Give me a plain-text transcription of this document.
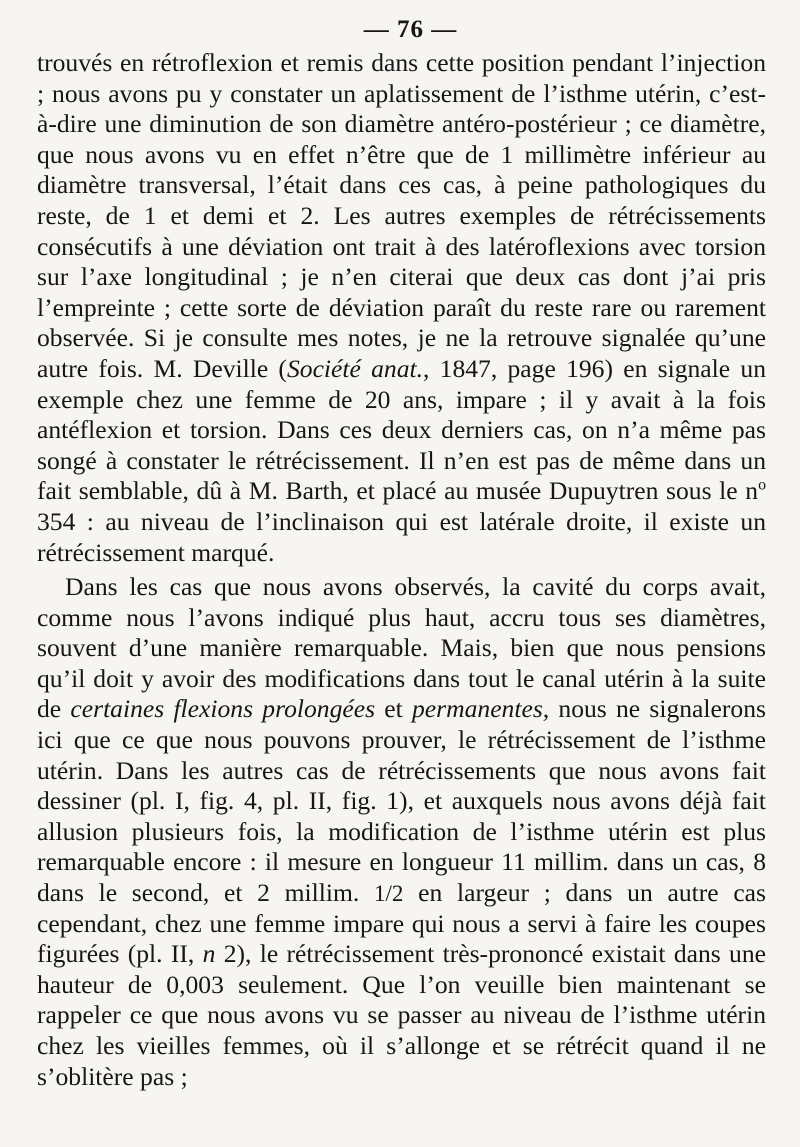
— 76 —

trouvés en rétroflexion et remis dans cette position pendant l’injection ; nous avons pu y constater un aplatissement de l’isthme utérin, c’est-à-dire une diminution de son diamètre antéro-postérieur ; ce diamètre, que nous avons vu en effet n’être que de 1 millimètre inférieur au diamètre transversal, l’était dans ces cas, à peine pathologiques du reste, de 1 et demi et 2. Les autres exemples de rétrécissements consécutifs à une déviation ont trait à des latéroflexions avec torsion sur l’axe longitudinal ; je n’en citerai que deux cas dont j’ai pris l’empreinte ; cette sorte de déviation paraît du reste rare ou rarement observée. Si je consulte mes notes, je ne la retrouve signalée qu’une autre fois. M. Deville (Société anat., 1847, page 196) en signale un exemple chez une femme de 20 ans, impare ; il y avait à la fois antéflexion et torsion. Dans ces deux derniers cas, on n’a même pas songé à constater le rétrécissement. Il n’en est pas de même dans un fait semblable, dû à M. Barth, et placé au musée Dupuytren sous le $n^o$ 354 : au niveau de l’inclinaison qui est latérale droite, il existe un rétrécissement marqué.

Dans les cas que nous avons observés, la cavité du corps avait, comme nous l’avons indiqué plus haut, accru tous ses diamètres, souvent d’une manière remarquable. Mais, bien que nous pensions qu’il doit y avoir des modifications dans tout le canal utérin à la suite de certaines flexions prolongées et permanentes, nous ne signalerons ici que ce que nous pouvons prouver, le rétrécissement de l’isthme utérin. Dans les autres cas de rétrécissements que nous avons fait dessiner (pl. I, fig. 4, pl. II, fig. 1), et auxquels nous avons déjà fait allusion plusieurs fois, la modification de l’isthme utérin est plus remarquable encore : il mesure en longueur 11 millim. dans un cas, 8 dans le second, et 2 millim. 1/2 en largeur ; dans un autre cas cependant, chez une femme impare qui nous a servi à faire les coupes figurées (pl. II, n 2), le rétrécissement très-prononcé existait dans une hauteur de 0,003 seulement. Que l’on veuille bien maintenant se rappeler ce que nous avons vu se passer au niveau de l’isthme utérin chez les vieilles femmes, où il s’allonge et se rétrécit quand il ne s’oblitère pas ;
